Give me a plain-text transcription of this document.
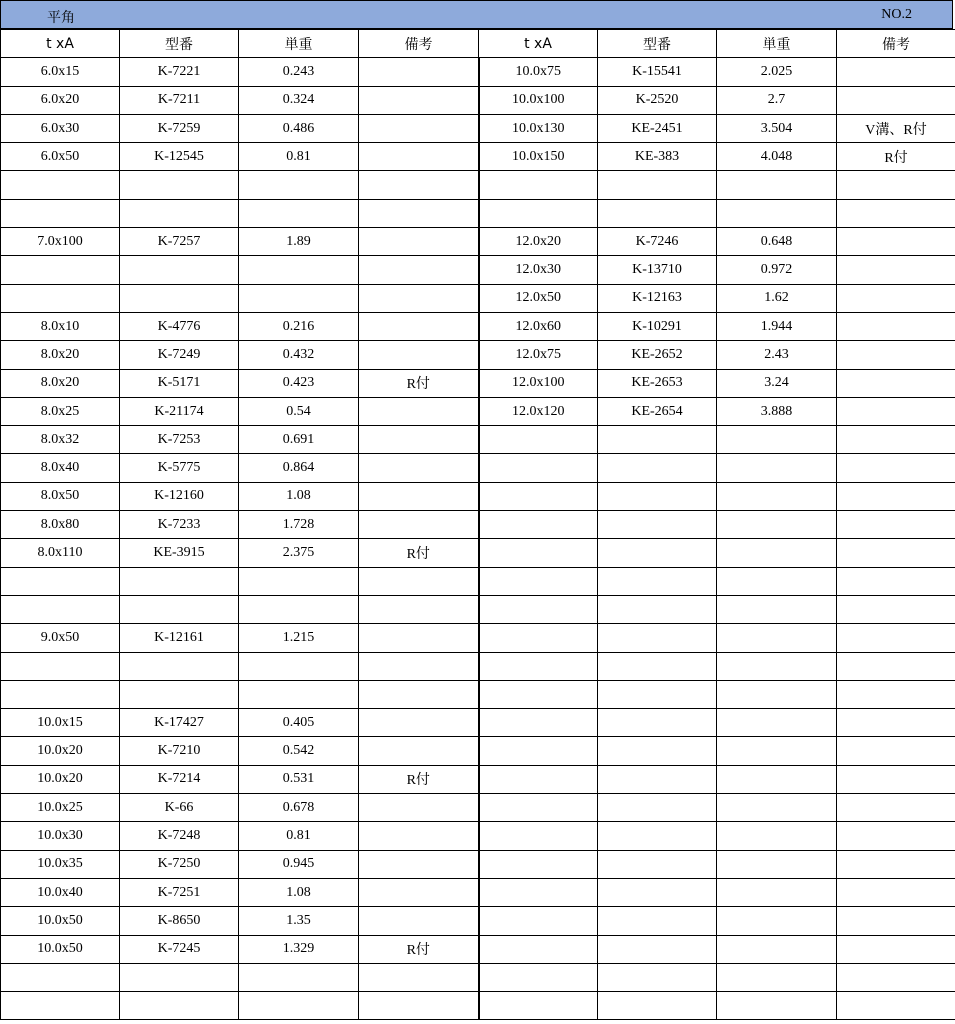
平角	NO.2
t xA	型番	単重	備考	t xA	型番	単重	備考
6.0x15	K-7221	0.243		10.0x75	K-15541	2.025	
6.0x20	K-7211	0.324		10.0x100	K-2520	2.7	
6.0x30	K-7259	0.486		10.0x130	KE-2451	3.504	V溝、R付
6.0x50	K-12545	0.81		10.0x150	KE-383	4.048	R付

7.0x100	K-7257	1.89		12.0x20	K-7246	0.648	
				12.0x30	K-13710	0.972	
				12.0x50	K-12163	1.62	
8.0x10	K-4776	0.216		12.0x60	K-10291	1.944	
8.0x20	K-7249	0.432		12.0x75	KE-2652	2.43	
8.0x20	K-5171	0.423	R付	12.0x100	KE-2653	3.24	
8.0x25	K-21174	0.54		12.0x120	KE-2654	3.888	
8.0x32	K-7253	0.691					
8.0x40	K-5775	0.864					
8.0x50	K-12160	1.08					
8.0x80	K-7233	1.728					
8.0x110	KE-3915	2.375	R付				

9.0x50	K-12161	1.215					

10.0x15	K-17427	0.405					
10.0x20	K-7210	0.542					
10.0x20	K-7214	0.531	R付				
10.0x25	K-66	0.678					
10.0x30	K-7248	0.81					
10.0x35	K-7250	0.945					
10.0x40	K-7251	1.08					
10.0x50	K-8650	1.35					
10.0x50	K-7245	1.329	R付				
